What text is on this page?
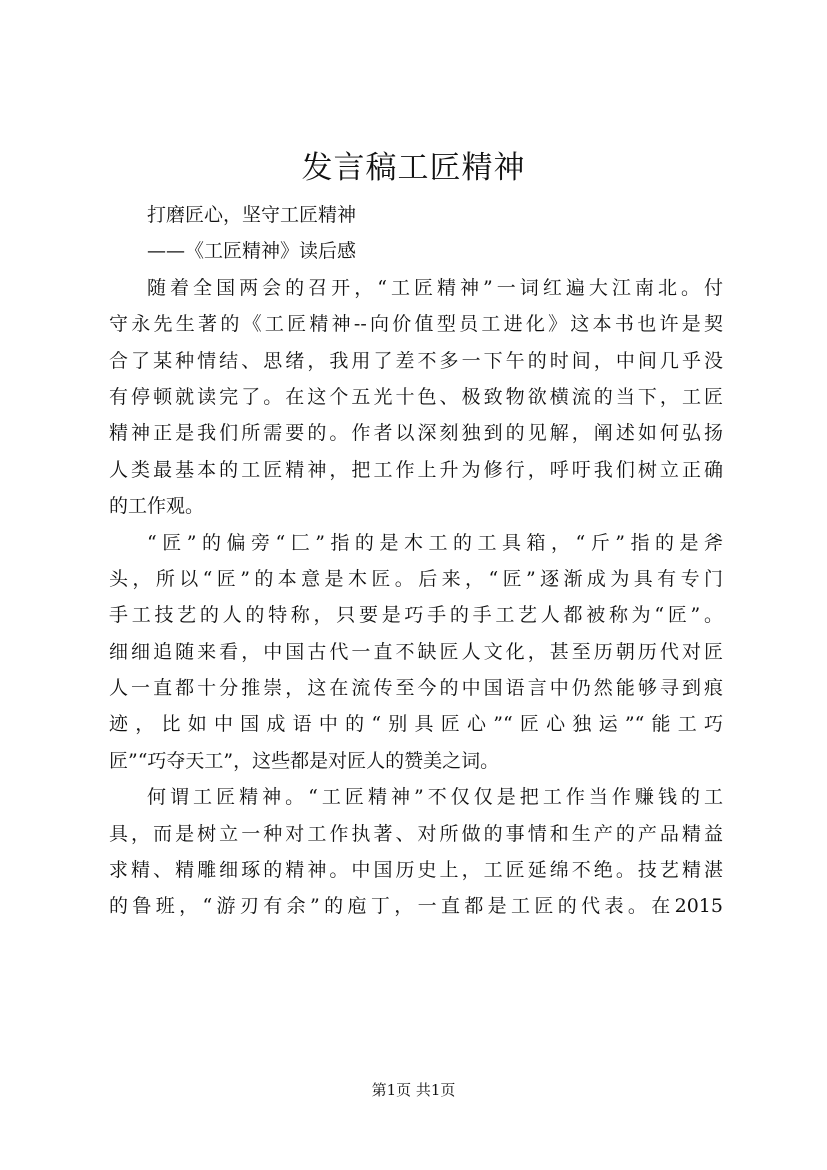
发言稿工匠精神
打磨匠心，坚守工匠精神
——《工匠精神》读后感
随着全国两会的召开，“工匠精神”一词红遍大江南北。付
守永先生著的《工匠精神--向价值型员工进化》这本书也许是契
合了某种情结、思绪，我用了差不多一下午的时间，中间几乎没
有停顿就读完了。在这个五光十色、极致物欲横流的当下，工匠
精神正是我们所需要的。作者以深刻独到的见解，阐述如何弘扬
人类最基本的工匠精神，把工作上升为修行，呼吁我们树立正确
的工作观。
“匠”的偏旁“匚”指的是木工的工具箱，“斤”指的是斧
头，所以“匠”的本意是木匠。后来，“匠”逐渐成为具有专门
手工技艺的人的特称，只要是巧手的手工艺人都被称为“匠”。
细细追随来看，中国古代一直不缺匠人文化，甚至历朝历代对匠
人一直都十分推崇，这在流传至今的中国语言中仍然能够寻到痕
迹，比如中国成语中的“别具匠心”“匠心独运”“能工巧
匠”“巧夺天工”，这些都是对匠人的赞美之词。
何谓工匠精神。“工匠精神”不仅仅是把工作当作赚钱的工
具，而是树立一种对工作执著、对所做的事情和生产的产品精益
求精、精雕细琢的精神。中国历史上，工匠延绵不绝。技艺精湛
的鲁班，“游刃有余”的庖丁，一直都是工匠的代表。在2015
第1页 共1页
